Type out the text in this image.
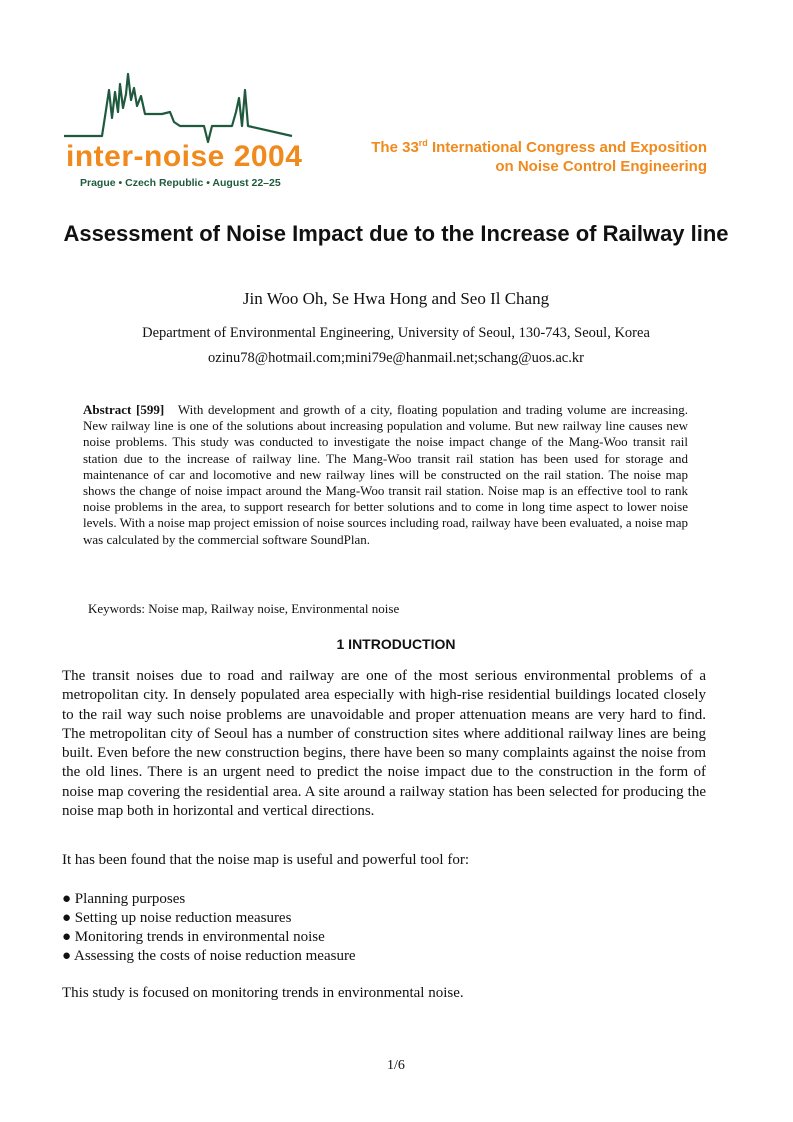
inter-noise 2004
Prague • Czech Republic • August 22–25
The 33rd International Congress and Exposition
on Noise Control Engineering
Assessment of Noise Impact due to the Increase of Railway line
Jin Woo Oh, Se Hwa Hong and Seo Il Chang
Department of Environmental Engineering, University of Seoul, 130-743, Seoul, Korea
ozinu78@hotmail.com;mini79e@hanmail.net;schang@uos.ac.kr
Abstract [599] With development and growth of a city, floating population and trading volume are increasing. New railway line is one of the solutions about increasing population and volume. But new railway line causes new noise problems. This study was conducted to investigate the noise impact change of the Mang-Woo transit rail station due to the increase of railway line. The Mang-Woo transit rail station has been used for storage and maintenance of car and locomotive and new railway lines will be constructed on the rail station. The noise map shows the change of noise impact around the Mang-Woo transit rail station. Noise map is an effective tool to rank noise problems in the area, to support research for better solutions and to come in long time aspect to lower noise levels. With a noise map project emission of noise sources including road, railway have been evaluated, a noise map was calculated by the commercial software SoundPlan.
Keywords: Noise map, Railway noise, Environmental noise
1 INTRODUCTION
The transit noises due to road and railway are one of the most serious environmental problems of a metropolitan city. In densely populated area especially with high-rise residential buildings located closely to the rail way such noise problems are unavoidable and proper attenuation means are very hard to find. The metropolitan city of Seoul has a number of construction sites where additional railway lines are being built. Even before the new construction begins, there have been so many complaints against the noise from the old lines. There is an urgent need to predict the noise impact due to the construction in the form of noise map covering the residential area. A site around a railway station has been selected for producing the noise map both in horizontal and vertical directions.
It has been found that the noise map is useful and powerful tool for:
● Planning purposes
● Setting up noise reduction measures
● Monitoring trends in environmental noise
● Assessing the costs of noise reduction measure
This study is focused on monitoring trends in environmental noise.
1/6
